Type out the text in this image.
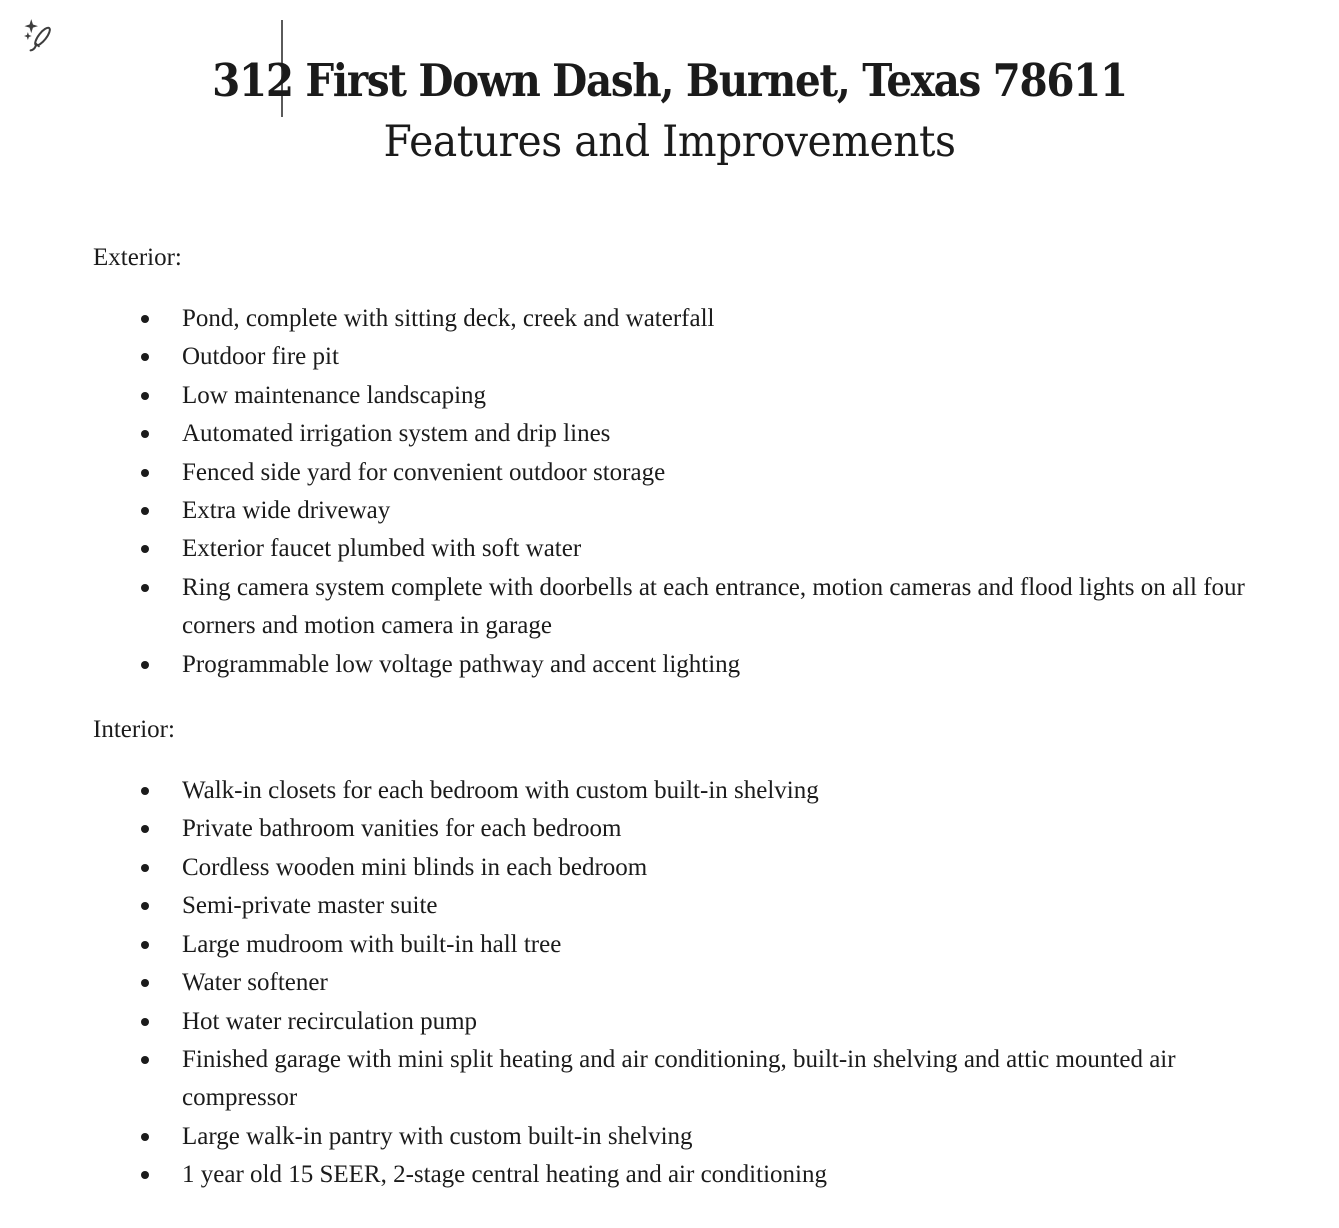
312 First Down Dash, Burnet, Texas 78611
Features and Improvements

Exterior:

Pond, complete with sitting deck, creek and waterfall
Outdoor fire pit
Low maintenance landscaping
Automated irrigation system and drip lines
Fenced side yard for convenient outdoor storage
Extra wide driveway
Exterior faucet plumbed with soft water
Ring camera system complete with doorbells at each entrance, motion cameras and flood lights on all four corners and motion camera in garage
Programmable low voltage pathway and accent lighting

Interior:

Walk-in closets for each bedroom with custom built-in shelving
Private bathroom vanities for each bedroom
Cordless wooden mini blinds in each bedroom
Semi-private master suite
Large mudroom with built-in hall tree
Water softener
Hot water recirculation pump
Finished garage with mini split heating and air conditioning, built-in shelving and attic mounted air compressor
Large walk-in pantry with custom built-in shelving
1 year old 15 SEER, 2-stage central heating and air conditioning
